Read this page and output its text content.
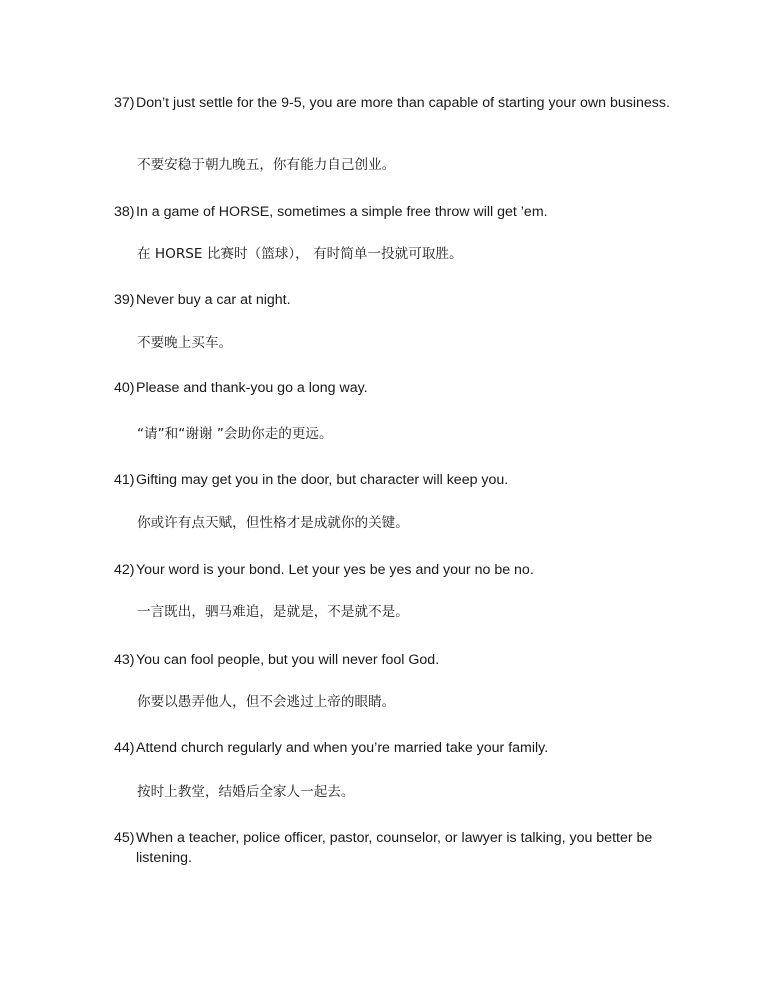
37) Don’t just settle for the 9-5, you are more than capable of starting your own business.
不要安稳于朝九晚五，你有能力自己创业。
38) In a game of HORSE, sometimes a simple free throw will get ’em.
在 HORSE 比赛时（篮球）， 有时简单一投就可取胜。
39) Never buy a car at night.
不要晚上买车。
40) Please and thank-you go a long way.
“请”和“谢谢 ”会助你走的更远。
41) Gifting may get you in the door, but character will keep you.
你或许有点天赋，但性格才是成就你的关键。
42) Your word is your bond. Let your yes be yes and your no be no.
一言既出，驷马难追，是就是，不是就不是。
43) You can fool people, but you will never fool God.
你要以愚弄他人，但不会逃过上帝的眼睛。
44) Attend church regularly and when you’re married take your family.
按时上教堂，结婚后全家人一起去。
45) When a teacher, police officer, pastor, counselor, or lawyer is talking, you better be listening.
